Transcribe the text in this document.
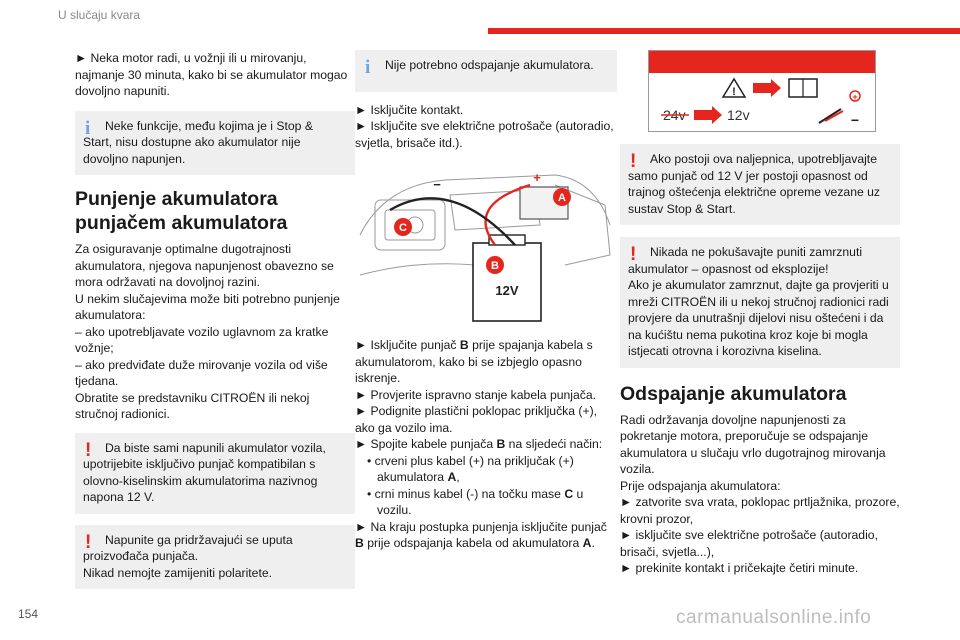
U slučaju kvara

► Neka motor radi, u vožnji ili u mirovanju, najmanje 30 minuta, kako bi se akumulator mogao dovoljno napuniti.

i	Neke funkcije, među kojima je i Stop & Start, nisu dostupne ako akumulator nije dovoljno napunjen.
Punjenje akumulatora punjačem akumulatora

Za osiguravanje optimalne dugotrajnosti akumulatora, njegova napunjenost obavezno se mora održavati na dovoljnoj razini.

U nekim slučajevima može biti potrebno punjenje akumulatora:

– ako upotrebljavate vozilo uglavnom za kratke vožnje;

– ako predviđate duže mirovanje vozila od više tjedana.

Obratite se predstavniku CITROËN ili nekoj stručnoj radionici.

!	Da biste sami napunili akumulator vozila, upotrijebite isključivo punjač kompatibilan s olovno-kiselinskim akumulatorima nazivnog napona 12 V.
!	Napunite ga pridržavajući se uputa proizvođača punjača.
Nikad nemojte zamijeniti polaritete.
i	Nije potrebno odspajanje akumulatora.

► Isključite kontakt.

► Isključite sve električne potrošače (autoradio, svjetla, brisače itd.).

A
C
B
12V
+
−

► Isključite punjač B prije spajanja kabela s akumulatorom, kako bi se izbjeglo opasno iskrenje.

► Provjerite ispravno stanje kabela punjača.

► Podignite plastični poklopac priključka (+), ako ga vozilo ima.

► Spojite kabele punjača B na sljedeći način:

• crveni plus kabel (+) na priključak (+) akumulatora A,

• crni minus kabel (-) na točku mase C u vozilu.

► Na kraju postupka punjenja isključite punjač B prije odspajanja kabela od akumulatora A.

!
24v	12v
+
−
!	Ako postoji ova naljepnica, upotrebljavajte samo punjač od 12 V jer postoji opasnost od trajnog oštećenja električne opreme vezane uz sustav Stop & Start.
!	Nikada ne pokušavajte puniti zamrznuti akumulator – opasnost od eksplozije!
Ako je akumulator zamrznut, dajte ga provjeriti u mreži CITROËN ili u nekoj stručnoj radionici radi provjere da unutrašnji dijelovi nisu oštećeni i da na kućištu nema pukotina kroz koje bi mogla istjecati otrovna i korozivna kiselina.
Odspajanje akumulatora

Radi održavanja dovoljne napunjenosti za pokretanje motora, preporučuje se odspajanje akumulatora u slučaju vrlo dugotrajnog mirovanja vozila.

Prije odspajanja akumulatora:

► zatvorite sva vrata, poklopac prtljažnika, prozore, krovni prozor,

► isključite sve električne potrošače (autoradio, brisači, svjetla...),

► prekinite kontakt i pričekajte četiri minute.

154	carmanualsonline.info
